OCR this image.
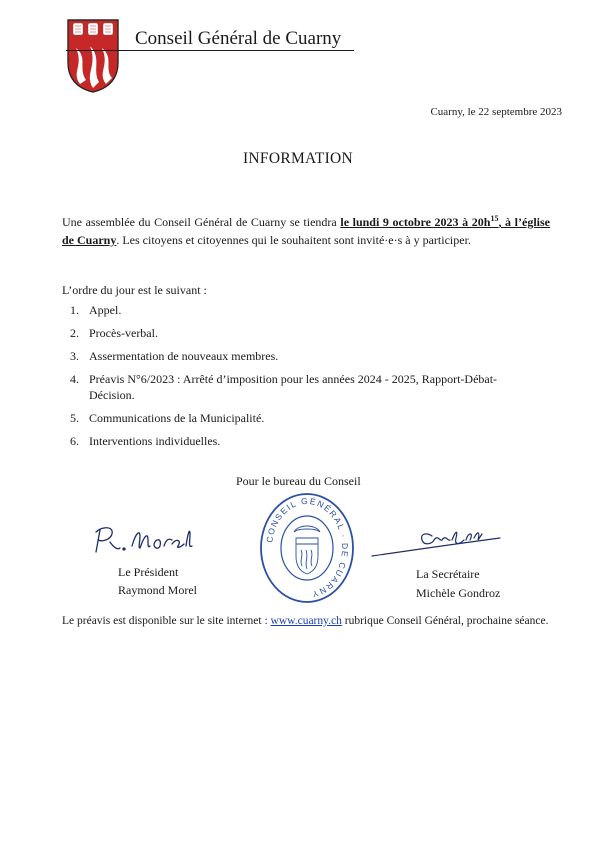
Conseil Général de Cuarny
Cuarny, le 22 septembre 2023
INFORMATION
Une assemblée du Conseil Général de Cuarny se tiendra le lundi 9 octobre 2023 à $20h^{15}$, à l’église de Cuarny. Les citoyens et citoyennes qui le souhaitent sont invité·e·s à y participer.
L’ordre du jour est le suivant :
1. Appel.
2. Procès-verbal.
3. Assermentation de nouveaux membres.
4. Préavis N°6/2023 : Arrêté d’imposition pour les années 2024 - 2025, Rapport-Débat-Décision.
5. Communications de la Municipalité.
6. Interventions individuelles.
Pour le bureau du Conseil
CONSEIL GÉNÉRAL · DE CUARNY
Le Président
Raymond Morel
La Secrétaire
Michèle Gondroz
Le préavis est disponible sur le site internet : www.cuarny.ch rubrique Conseil Général, prochaine séance.
